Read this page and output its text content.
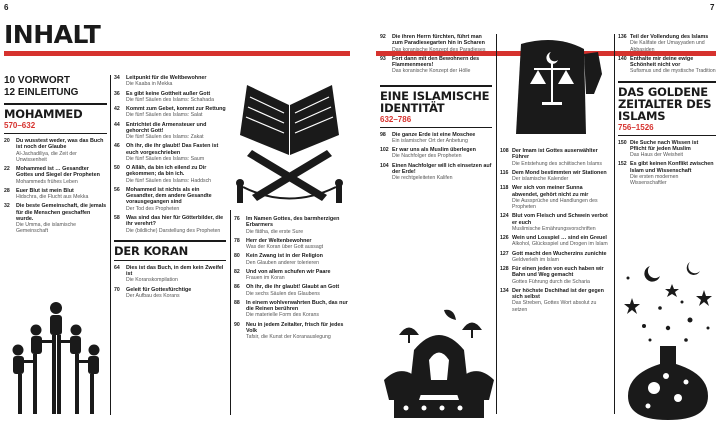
6
INHALT
10 VORWORT
12 EINLEITUNG
MOHAMMED
570–632
20	Du wusstest weder, was das Buch ist noch der Glaube
Al-Jachadiliya, die Zeit der Unwissenheit
22	Mohammed ist … Gesandter Gottes und Siegel der Propheten
Mohammeds frühes Leben
28	Euer Blut ist mein Blut
Hidschra, die Flucht aus Mekka
32	Die beste Gemeinschaft, die jemals für die Menschen geschaffen wurde.
Die Umma, die islamische Gemeinschaft
34	Leitpunkt für die Weltbewohner
Die Kaaba in Mekka
36	Es gibt keine Gottheit außer Gott
Die fünf Säulen des Islams: Schahada
42	Kommt zum Gebet, kommt zur Rettung
Die fünf Säulen des Islams: Salat
44	Entrichtet die Armensteuer und gehorcht Gott!
Die fünf Säulen des Islams: Zakat
46	Oh ihr, die ihr glaubt! Das Fasten ist euch vorgeschrieben
Die fünf Säulen des Islams: Saum
50	O Allāh, da bin ich eilend zu Dir gekommen; da bin ich.
Die fünf Säulen des Islams: Haddsch
56	Mohammed ist nichts als ein Gesandter, dem andere Gesandte vorausgegangen sind
Der Tod des Propheten
58	Was sind das hier für Götterbilder, die ihr verehrt?
Die (bildliche) Darstellung des Propheten
DER KORAN
64	Dies ist das Buch, in dem kein Zweifel ist
Die Koranskompilation
70	Geleit für Gottesfürchtige
Der Aufbau des Korans
76	Im Namen Gottes, des barmherzigen Erbarmers
Die fātiha, die erste Sure
78	Herr der Weltenbewohner
Was der Koran über Gott aussagt
80	Kein Zwang ist in der Religion
Den Glauben anderer tolerieren
82	Und von allem schufen wir Paare
Frauen im Koran
86	Oh ihr, die ihr glaubt! Glaubt an Gott
Die sechs Säulen des Glaubens
88	In einem wohlverwahrten Buch, das nur die Reinen berühren
Die materielle Form des Korans
90	Neu in jedem Zeitalter, frisch für jedes Volk
Tafsir, die Kunst der Koranauslegung
7
92	Die ihren Herrn fürchten, führt man zum Paradiesegarten hin in Scharen
Das koranische Konzept des Paradieses
93	Fort dann mit den Bewohnern des Flammenmeers!
Das koranische Konzept der Hölle
EINE ISLAMISCHE IDENTITÄT
632–786
98	Die ganze Erde ist eine Moschee
Ein islamischer Ort der Anbetung
102 Er war uns als Muslim überlegen
Die Nachfolger des Propheten
104 Einen Nachfolger will ich einsetzen auf der Erde!
Die rechtgeleiteten Kalifen
108 Der Imam ist Gottes auserwählter Führer
Die Entstehung des schiitischen Islams
116 Dem Mond bestimmten wir Stationen
Der islamische Kalender
118 Wer sich von meiner Sunna abwendet, gehört nicht zu mir
Die Aussprüche und Handlungen des Propheten
124 Blut vom Fleisch und Schwein verbot er euch
Muslimische Ernährungsvorschriften
126 Wein und Losspiel … sind ein Greuel
Alkohol, Glücksspiel und Drogen im Islam
127 Gott macht den Wucherzins zunichte
Geldverleih im Islam
128 Für einen jeden von euch haben wir Bahn und Weg gemacht
Gottes Führung durch die Scharia
134 Der höchste Dschihad ist der gegen sich selbst
Das Streben, Gottes Wort absolut zu setzen
136 Teil der Vollendung des Islams
Die Kalifate der Umayyaden und Abbasiden
140 Enthalte mir deine ewige Schönheit nicht vor
Sufismus und die mystische Tradition
DAS GOLDENE ZEITALTER DES ISLAMS
756–1526
150 Die Suche nach Wissen ist Pflicht für jeden Muslim
Das Haus der Weisheit
152 Es gibt keinen Konflikt zwischen Islam und Wissenschaft
Die ersten modernen Wissenschaftler
